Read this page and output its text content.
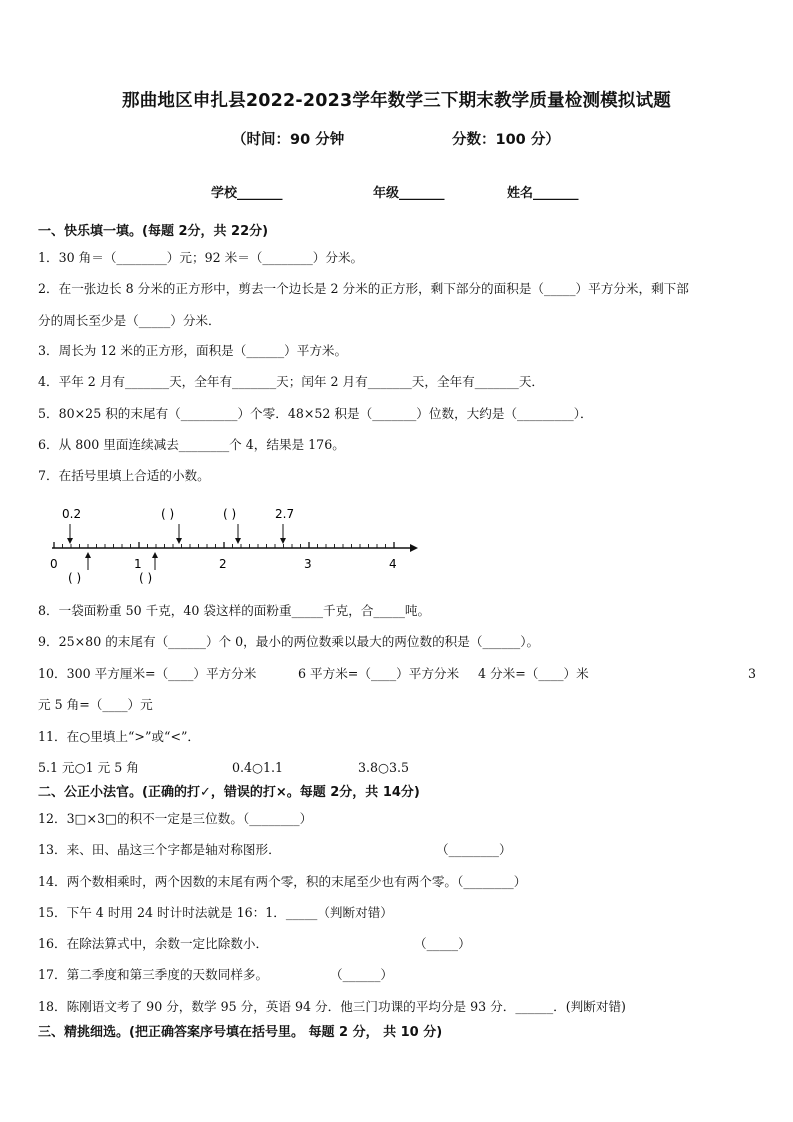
那曲地区申扎县2022-2023学年数学三下期末教学质量检测模拟试题
（时间：90 分钟	分数：100 分）
学校_______	年级_______	姓名_______
一、快乐填一填。(每题 2分，共 22分)
1．30 角＝（________）元；92 米＝（________）分米。
2．在一张边长 8 分米的正方形中，剪去一个边长是 2 分米的正方形，剩下部分的面积是（_____）平方分米，剩下部
分的周长至少是（_____）分米．
3．周长为 12 米的正方形，面积是（______）平方米。
4．平年 2 月有_______天，全年有_______天；闰年 2 月有_______天，全年有_______天．
5．80×25 积的末尾有（_________）个零．48×52 积是（_______）位数，大约是（_________）．
6．从 800 里面连续减去________个 4，结果是 176。
7．在括号里填上合适的小数。
0	1	2	3	4
0.2	( )	( )	2.7
( )	( )
8．一袋面粉重 50 千克，40 袋这样的面粉重_____千克，合_____吨。
9．25×80 的末尾有（______）个 0，最小的两位数乘以最大的两位数的积是（______）。
10．300 平方厘米=（____）平方分米	6 平方米=（____）平方分米 4 分米=（____）米	3
元 5 角=（____）元
11．在○里填上“>”或“<”．
5.1 元○1 元 5 角	0.4○1.1	3.8○3.5
二、公正小法官。(正确的打✓，错误的打×。每题 2分，共 14分)
12．3□×3□的积不一定是三位数。（________）
13．来、田、晶这三个字都是轴对称图形．	（________）
14．两个数相乘时，两个因数的末尾有两个零，积的末尾至少也有两个零。（________）
15．下午 4 时用 24 时计时法就是 16：1．_____（判断对错）
16．在除法算式中，余数一定比除数小．	（_____）
17．第二季度和第三季度的天数同样多。	（______）
18．陈刚语文考了 90 分，数学 95 分，英语 94 分．他三门功课的平均分是 93 分．______．(判断对错)
三、精挑细选。(把正确答案序号填在括号里。 每题 2 分， 共 10 分)
